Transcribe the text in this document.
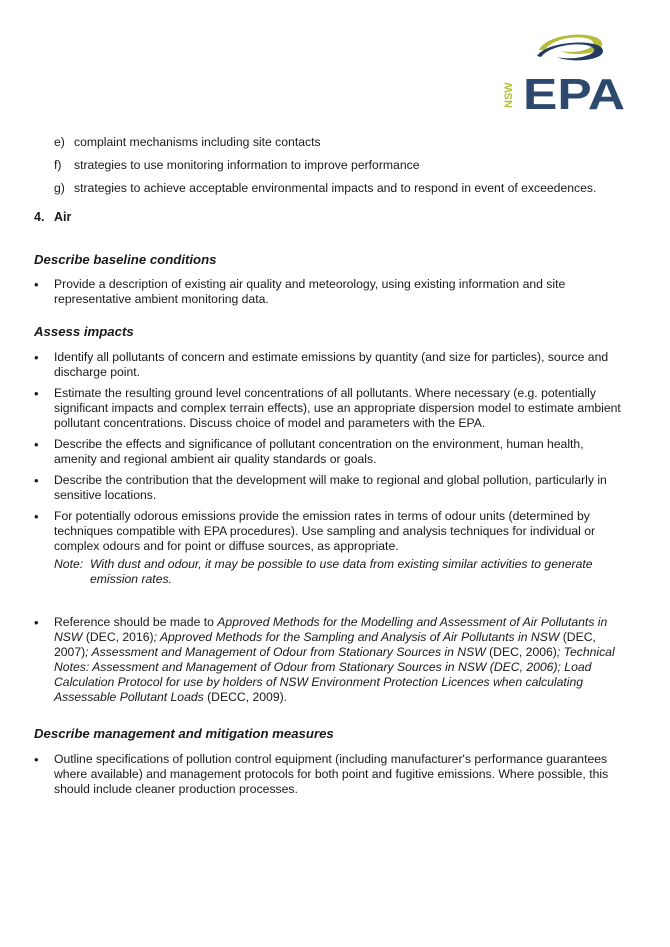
NSW EPA
e) complaint mechanisms including site contacts
f) strategies to use monitoring information to improve performance
g) strategies to achieve acceptable environmental impacts and to respond in event of exceedences.
4. Air
Describe baseline conditions
• Provide a description of existing air quality and meteorology, using existing information and site representative ambient monitoring data.
Assess impacts
• Identify all pollutants of concern and estimate emissions by quantity (and size for particles), source and discharge point.
• Estimate the resulting ground level concentrations of all pollutants. Where necessary (e.g. potentially significant impacts and complex terrain effects), use an appropriate dispersion model to estimate ambient pollutant concentrations. Discuss choice of model and parameters with the EPA.
• Describe the effects and significance of pollutant concentration on the environment, human health, amenity and regional ambient air quality standards or goals.
• Describe the contribution that the development will make to regional and global pollution, particularly in sensitive locations.
• For potentially odorous emissions provide the emission rates in terms of odour units (determined by techniques compatible with EPA procedures). Use sampling and analysis techniques for individual or complex odours and for point or diffuse sources, as appropriate.
Note: With dust and odour, it may be possible to use data from existing similar activities to generate emission rates.
• Reference should be made to Approved Methods for the Modelling and Assessment of Air Pollutants in NSW (DEC, 2016); Approved Methods for the Sampling and Analysis of Air Pollutants in NSW (DEC, 2007); Assessment and Management of Odour from Stationary Sources in NSW (DEC, 2006); Technical Notes: Assessment and Management of Odour from Stationary Sources in NSW (DEC, 2006); Load Calculation Protocol for use by holders of NSW Environment Protection Licences when calculating Assessable Pollutant Loads (DECC, 2009).
Describe management and mitigation measures
• Outline specifications of pollution control equipment (including manufacturer's performance guarantees where available) and management protocols for both point and fugitive emissions. Where possible, this should include cleaner production processes.
